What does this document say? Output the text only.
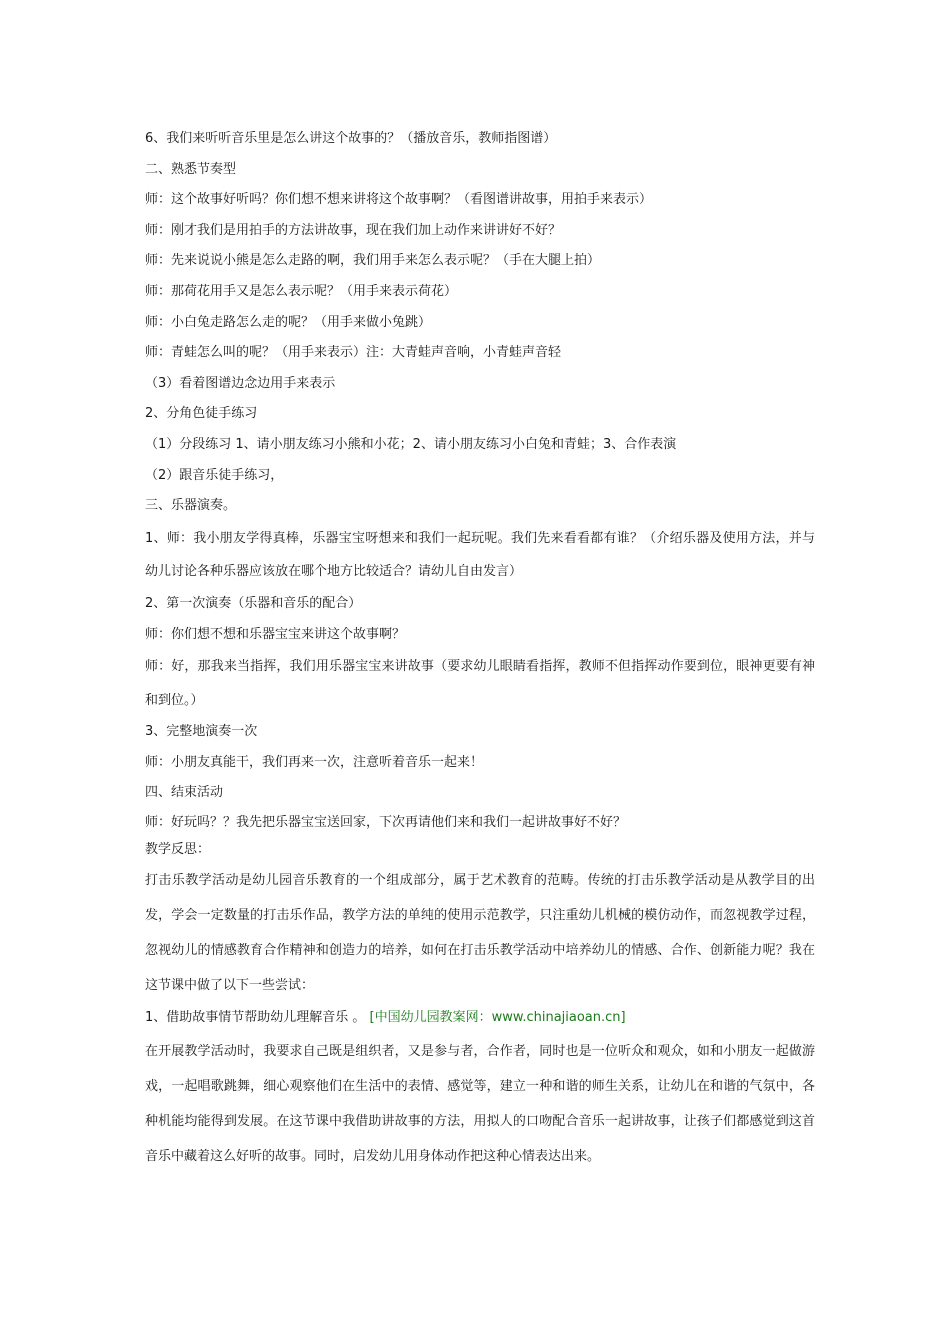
6、我们来听听音乐里是怎么讲这个故事的？（播放音乐，教师指图谱）
二、熟悉节奏型
师：这个故事好听吗？你们想不想来讲将这个故事啊？（看图谱讲故事，用拍手来表示）
师：刚才我们是用拍手的方法讲故事，现在我们加上动作来讲讲好不好？
师：先来说说小熊是怎么走路的啊，我们用手来怎么表示呢？（手在大腿上拍）
师：那荷花用手又是怎么表示呢？（用手来表示荷花）
师：小白兔走路怎么走的呢？（用手来做小兔跳）
师：青蛙怎么叫的呢？（用手来表示）注：大青蛙声音响，小青蛙声音轻
（3）看着图谱边念边用手来表示
2、分角色徒手练习
（1）分段练习 1、请小朋友练习小熊和小花；2、请小朋友练习小白兔和青蛙；3、合作表演
（2）跟音乐徒手练习，
三、乐器演奏。

1、师：我小朋友学得真棒，乐器宝宝呀想来和我们一起玩呢。我们先来看看都有谁？（介绍乐器及使用方法，并与幼儿讨论各种乐器应该放在哪个地方比较适合？请幼儿自由发言）

2、第一次演奏（乐器和音乐的配合）
师：你们想不想和乐器宝宝来讲这个故事啊？

师：好，那我来当指挥，我们用乐器宝宝来讲故事（要求幼儿眼睛看指挥，教师不但指挥动作要到位，眼神更要有神和到位。）

3、完整地演奏一次
师：小朋友真能干，我们再来一次，注意听着音乐一起来！
四、结束活动
师：好玩吗？？我先把乐器宝宝送回家，下次再请他们来和我们一起讲故事好不好？
教学反思：

打击乐教学活动是幼儿园音乐教育的一个组成部分，属于艺术教育的范畴。传统的打击乐教学活动是从教学目的出发，学会一定数量的打击乐作品，教学方法的单纯的使用示范教学，只注重幼儿机械的模仿动作，而忽视教学过程，忽视幼儿的情感教育合作精神和创造力的培养，如何在打击乐教学活动中培养幼儿的情感、合作、创新能力呢？我在这节课中做了以下一些尝试：

1、借助故事情节帮助幼儿理解音乐 。 [中国幼儿园教案网：www.chinajiaoan.cn]

在开展教学活动时，我要求自己既是组织者，又是参与者，合作者，同时也是一位听众和观众，如和小朋友一起做游戏，一起唱歌跳舞，细心观察他们在生活中的表情、感觉等，建立一种和谐的师生关系，让幼儿在和谐的气氛中，各种机能均能得到发展。在这节课中我借助讲故事的方法，用拟人的口吻配合音乐一起讲故事，让孩子们都感觉到这首音乐中藏着这么好听的故事。同时，启发幼儿用身体动作把这种心情表达出来。
